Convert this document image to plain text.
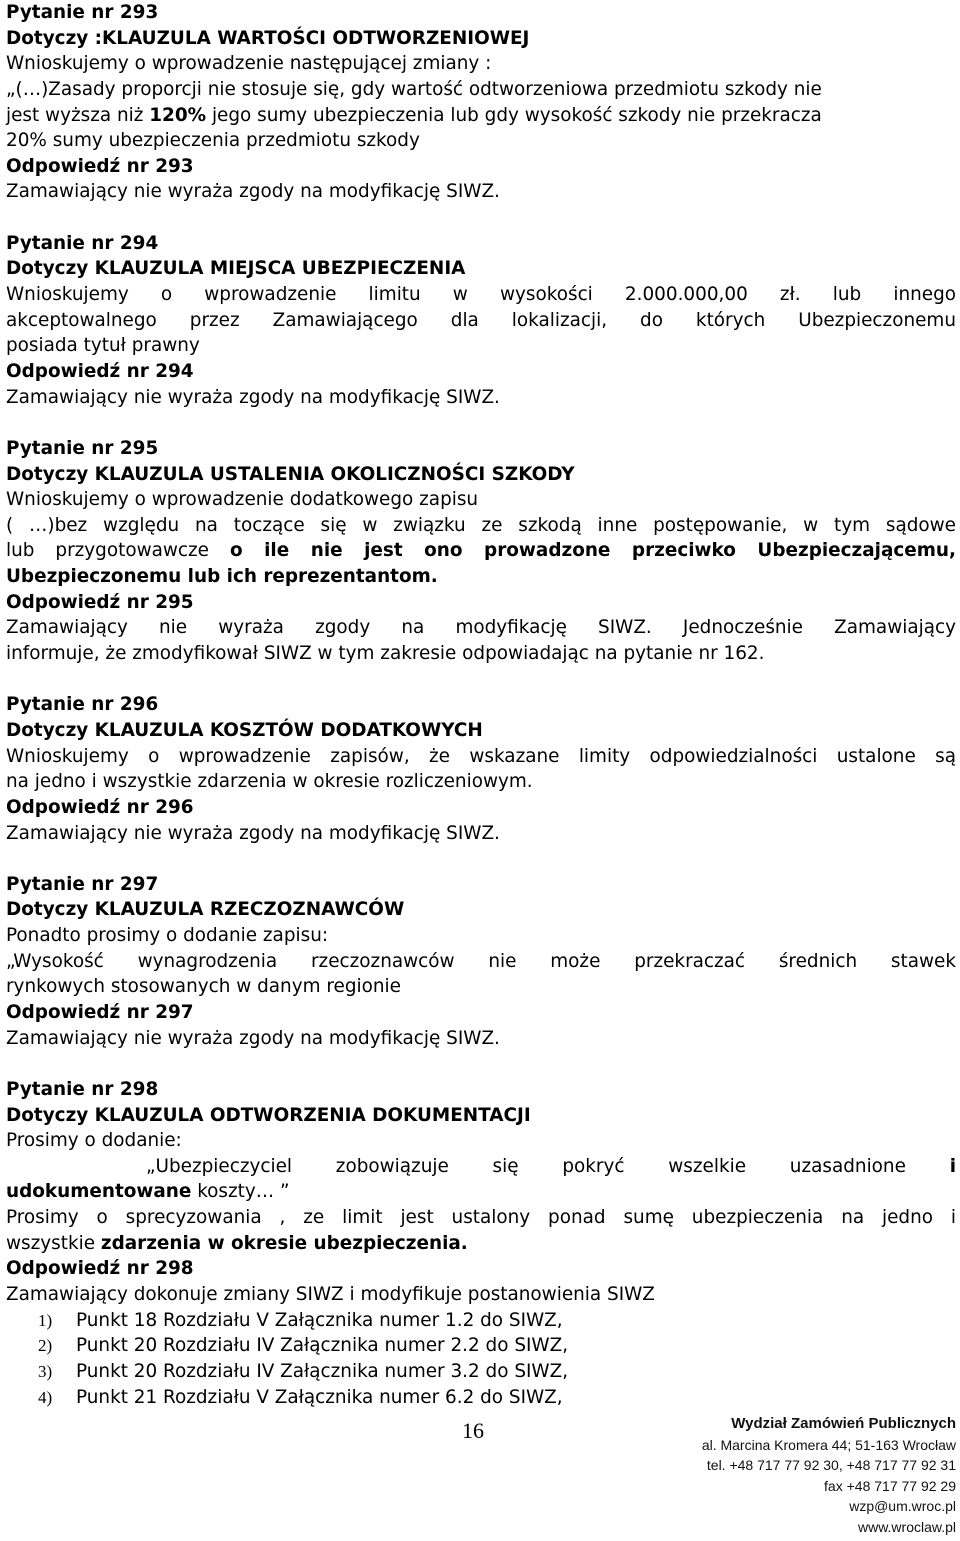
Pytanie nr 293

Dotyczy :KLAUZULA WARTOŚCI ODTWORZENIOWEJ

Wnioskujemy o wprowadzenie następującej zmiany :

„(…)Zasady proporcji nie stosuje się, gdy wartość odtworzeniowa przedmiotu szkody nie

jest wyższa niż 120% jego sumy ubezpieczenia lub gdy wysokość szkody nie przekracza

20% sumy ubezpieczenia przedmiotu szkody

Odpowiedź nr 293

Zamawiający nie wyraża zgody na modyfikację SIWZ.

Pytanie nr 294

Dotyczy KLAUZULA MIEJSCA UBEZPIECZENIA

Wnioskujemy o wprowadzenie limitu w wysokości 2.000.000,00 zł. lub innego

akceptowalnego przez Zamawiającego dla lokalizacji, do których Ubezpieczonemu

posiada tytuł prawny

Odpowiedź nr 294

Zamawiający nie wyraża zgody na modyfikację SIWZ.

Pytanie nr 295

Dotyczy KLAUZULA USTALENIA OKOLICZNOŚCI SZKODY

Wnioskujemy o wprowadzenie dodatkowego zapisu

( …)bez względu na toczące się w związku ze szkodą inne postępowanie, w tym sądowe

lub przygotowawcze o ile nie jest ono prowadzone przeciwko Ubezpieczającemu,

Ubezpieczonemu lub ich reprezentantom.

Odpowiedź nr 295

Zamawiający nie wyraża zgody na modyfikację SIWZ. Jednocześnie Zamawiający

informuje, że zmodyfikował SIWZ w tym zakresie odpowiadając na pytanie nr 162.

Pytanie nr 296

Dotyczy KLAUZULA KOSZTÓW DODATKOWYCH

Wnioskujemy o wprowadzenie zapisów, że wskazane limity odpowiedzialności ustalone są

na jedno i wszystkie zdarzenia w okresie rozliczeniowym.

Odpowiedź nr 296

Zamawiający nie wyraża zgody na modyfikację SIWZ.

Pytanie nr 297

Dotyczy KLAUZULA RZECZOZNAWCÓW

Ponadto prosimy o dodanie zapisu:

„Wysokość wynagrodzenia rzeczoznawców nie może przekraczać średnich stawek

rynkowych stosowanych w danym regionie

Odpowiedź nr 297

Zamawiający nie wyraża zgody na modyfikację SIWZ.

Pytanie nr 298

Dotyczy KLAUZULA ODTWORZENIA DOKUMENTACJI

Prosimy o dodanie:

„Ubezpieczyciel zobowiązuje się pokryć wszelkie uzasadnione i

udokumentowane koszty… ”

Prosimy o sprecyzowania , ze limit jest ustalony ponad sumę ubezpieczenia na jedno i

wszystkie zdarzenia w okresie ubezpieczenia.

Odpowiedź nr 298

Zamawiający dokonuje zmiany SIWZ i modyfikuje postanowienia SIWZ

1) Punkt 18 Rozdziału V Załącznika numer 1.2 do SIWZ,

2) Punkt 20 Rozdziału IV Załącznika numer 2.2 do SIWZ,

3) Punkt 20 Rozdziału IV Załącznika numer 3.2 do SIWZ,

4) Punkt 21 Rozdziału V Załącznika numer 6.2 do SIWZ,

16	Wydział Zamówień Publicznych
al. Marcina Kromera 44; 51-163 Wrocław
tel. +48 717 77 92 30, +48 717 77 92 31
fax +48 717 77 92 29
wzp@um.wroc.pl
www.wroclaw.pl
